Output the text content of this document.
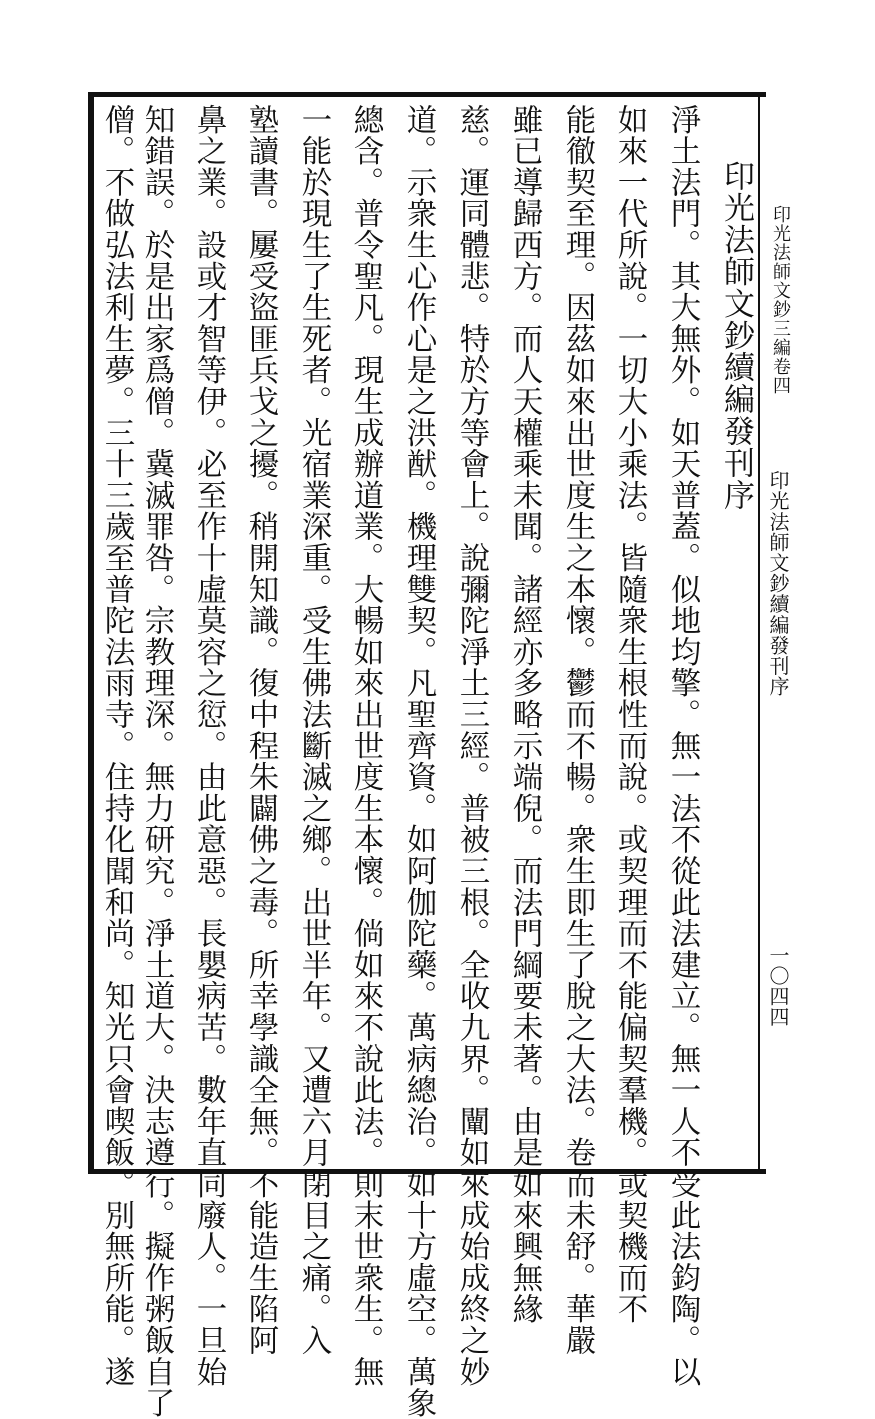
印光法師文鈔續編發刊序
淨土法門。其大無外。如天普蓋。似地均擎。無一法不從此法建立。無一人不受此法鈞陶。以
如來一代所說。一切大小乘法。皆隨衆生根性而說。或契理而不能偏契羣機。或契機而不
能徹契至理。因茲如來出世度生之本懷。鬱而不暢。衆生即生了脫之大法。卷而未舒。華嚴
雖已導歸西方。而人天權乘未聞。諸經亦多略示端倪。而法門綱要未著。由是如來興無緣
慈。運同體悲。特於方等會上。說彌陀淨土三經。普被三根。全收九界。闡如來成始成終之妙
道。示衆生心作心是之洪猷。機理雙契。凡聖齊資。如阿伽陀藥。萬病總治。如十方虛空。萬象
總含。普令聖凡。現生成辦道業。大暢如來出世度生本懷。倘如來不說此法。則末世衆生。無
一能於現生了生死者。光宿業深重。受生佛法斷滅之鄉。出世半年。又遭六月閉目之痛。入
塾讀書。屢受盜匪兵戈之擾。稍開知識。復中程朱闢佛之毒。所幸學識全無。不能造生陷阿
鼻之業。設或才智等伊。必至作十虛莫容之愆。由此意惡。長嬰病苦。數年直同廢人。一旦始
知錯誤。於是出家爲僧。冀滅罪咎。宗教理深。無力研究。淨土道大。決志遵行。擬作粥飯自了
僧。不做弘法利生夢。三十三歲至普陀法雨寺。住持化聞和尚。知光只會喫飯。別無所能。遂	印光法師文鈔三編卷四
印光法師文鈔續編發刊序
一〇四四
